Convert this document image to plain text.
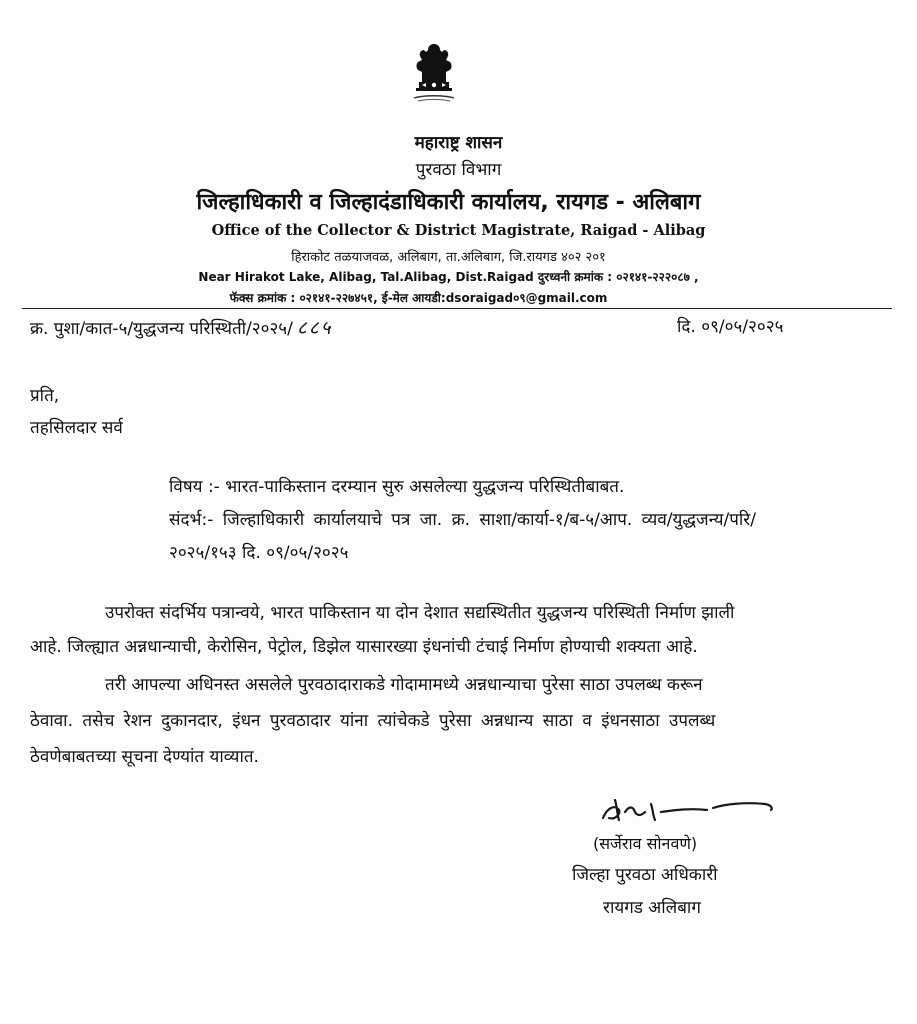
महाराष्ट्र शासन
पुरवठा विभाग
जिल्हाधिकारी व जिल्हादंडाधिकारी कार्यालय, रायगड - अलिबाग
Office of the Collector & District Magistrate, Raigad - Alibag
हिराकोट तळयाजवळ, अलिबाग, ता.अलिबाग, जि.रायगड ४०२ २०१
Near Hirakot Lake, Alibag, Tal.Alibag, Dist.Raigad दुरध्वनी क्रमांक : ०२१४१-२२२०८७ ,
फॅक्स क्रमांक : ०२१४१-२२७४५१, ई-मेल आयडी:dsoraigad०९@gmail.com
क्र. पुशा/कात-५/युद्धजन्य परिस्थिती/२०२५/ ८८५	दि. ०९/०५/२०२५
प्रति,
तहसिलदार सर्व
विषय :- भारत-पाकिस्तान दरम्यान सुरु असलेल्या युद्धजन्य परिस्थितीबाबत.
संदर्भ:- जिल्हाधिकारी कार्यालयाचे पत्र जा. क्र. साशा/कार्या-१/ब-५/आप. व्यव/युद्धजन्य/परि/
२०२५/१५३ दि. ०९/०५/२०२५
उपरोक्त संदर्भिय पत्रान्वये, भारत पाकिस्तान या दोन देशात सद्यस्थितीत युद्धजन्य परिस्थिती निर्माण झाली
आहे. जिल्ह्यात अन्नधान्याची, केरोसिन, पेट्रोल, डिझेल यासारख्या इंधनांची टंचाई निर्माण होण्याची शक्यता आहे.
तरी आपल्या अधिनस्त असलेले पुरवठादाराकडे गोदामामध्ये अन्नधान्याचा पुरेसा साठा उपलब्ध करून
ठेवावा. तसेच रेशन दुकानदार, इंधन पुरवठादार यांना त्यांचेकडे पुरेसा अन्नधान्य साठा व इंधनसाठा उपलब्ध
ठेवणेबाबतच्या सूचना देण्यांत याव्यात.
(सर्जेराव सोनवणे)
जिल्हा पुरवठा अधिकारी
रायगड अलिबाग
